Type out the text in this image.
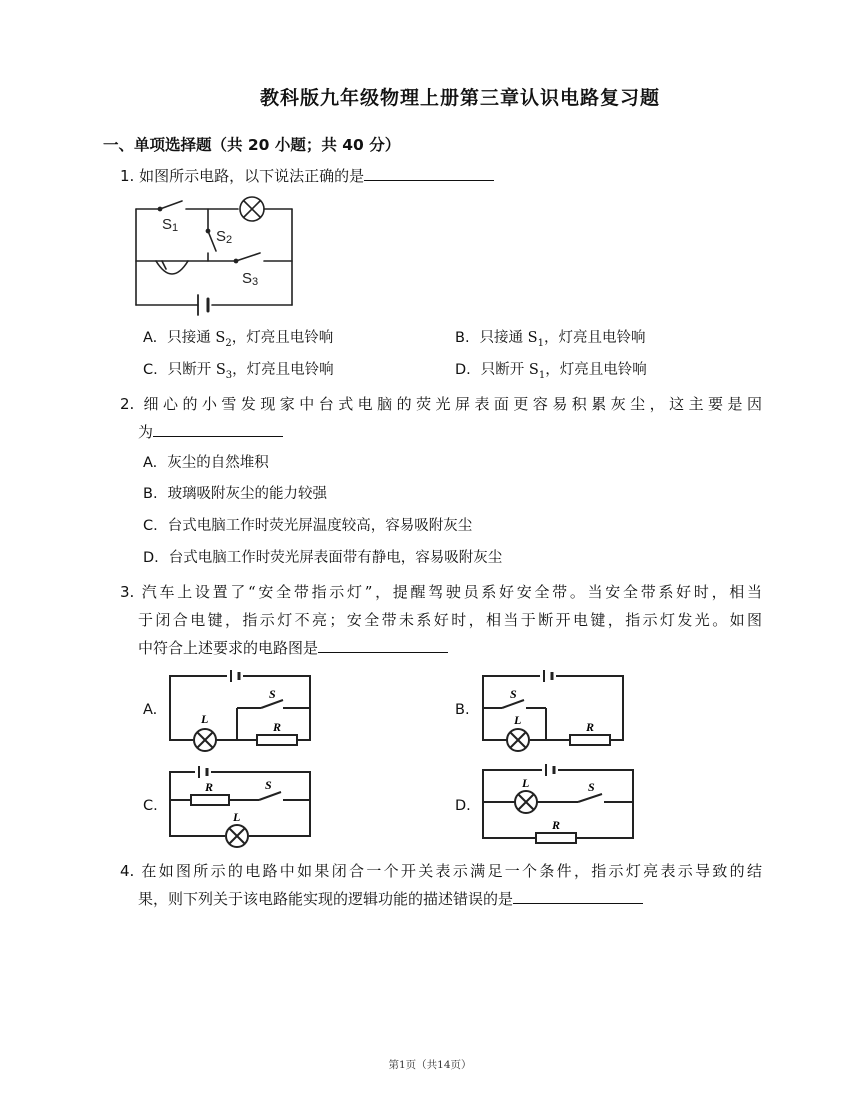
教科版九年级物理上册第三章认识电路复习题
一、单项选择题（共 20 小题；共 40 分）
1. 如图所示电路，以下说法正确的是
S1	S2
S3
A. 只接通 $S_2$，灯亮且电铃响	B. 只接通 $S_1$，灯亮且电铃响
C. 只断开 $S_3$，灯亮且电铃响	D. 只断开 $S_1$，灯亮且电铃响
2. 细心的小雪发现家中台式电脑的荧光屏表面更容易积累灰尘，这主要是因
为
A. 灰尘的自然堆积
B. 玻璃吸附灰尘的能力较强
C. 台式电脑工作时荧光屏温度较高，容易吸附灰尘
D. 台式电脑工作时荧光屏表面带有静电，容易吸附灰尘
3. 汽车上设置了“安全带指示灯”，提醒驾驶员系好安全带。当安全带系好时，相当
于闭合电键，指示灯不亮；安全带未系好时，相当于断开电键，指示灯发光。如图
中符合上述要求的电路图是
A.	B.
C.	D.
L
S
R	L
S
R
R	S
L
L	S
R
4. 在如图所示的电路中如果闭合一个开关表示满足一个条件，指示灯亮表示导致的结
果，则下列关于该电路能实现的逻辑功能的描述错误的是
第1页（共14页）
